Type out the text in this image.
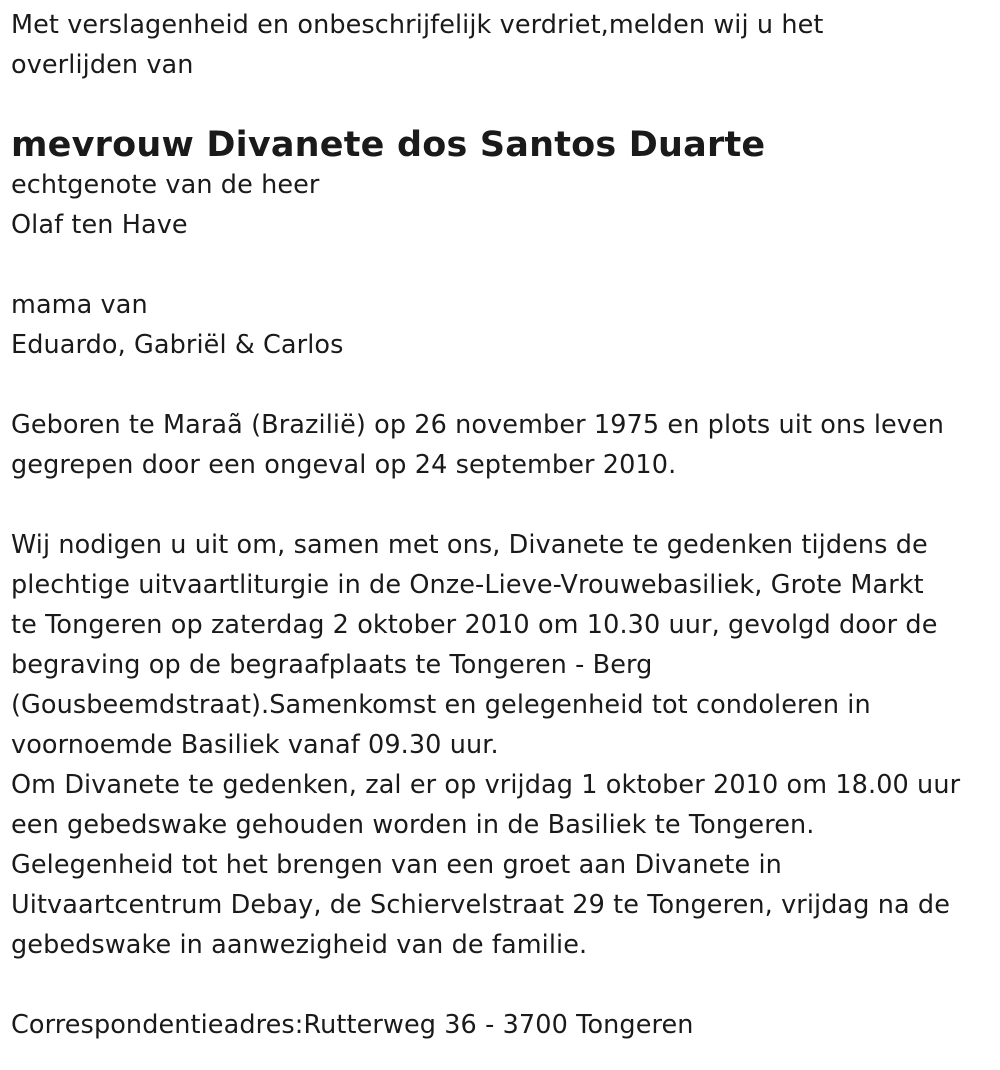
Met verslagenheid en onbeschrijfelijk verdriet,melden wij u het
overlijden van
mevrouw Divanete dos Santos Duarte
echtgenote van de heer
Olaf ten Have
mama van
Eduardo, Gabriël & Carlos
Geboren te Maraã (Brazilië) op 26 november 1975 en plots uit ons leven
gegrepen door een ongeval op 24 september 2010.
Wij nodigen u uit om, samen met ons, Divanete te gedenken tijdens de
plechtige uitvaartliturgie in de Onze-Lieve-Vrouwebasiliek, Grote Markt
te Tongeren op zaterdag 2 oktober 2010 om 10.30 uur, gevolgd door de
begraving op de begraafplaats te Tongeren - Berg
(Gousbeemdstraat).Samenkomst en gelegenheid tot condoleren in
voornoemde Basiliek vanaf 09.30 uur.
Om Divanete te gedenken, zal er op vrijdag 1 oktober 2010 om 18.00 uur
een gebedswake gehouden worden in de Basiliek te Tongeren.
Gelegenheid tot het brengen van een groet aan Divanete in
Uitvaartcentrum Debay, de Schiervelstraat 29 te Tongeren, vrijdag na de
gebedswake in aanwezigheid van de familie.
Correspondentieadres:Rutterweg 36 - 3700 Tongeren
